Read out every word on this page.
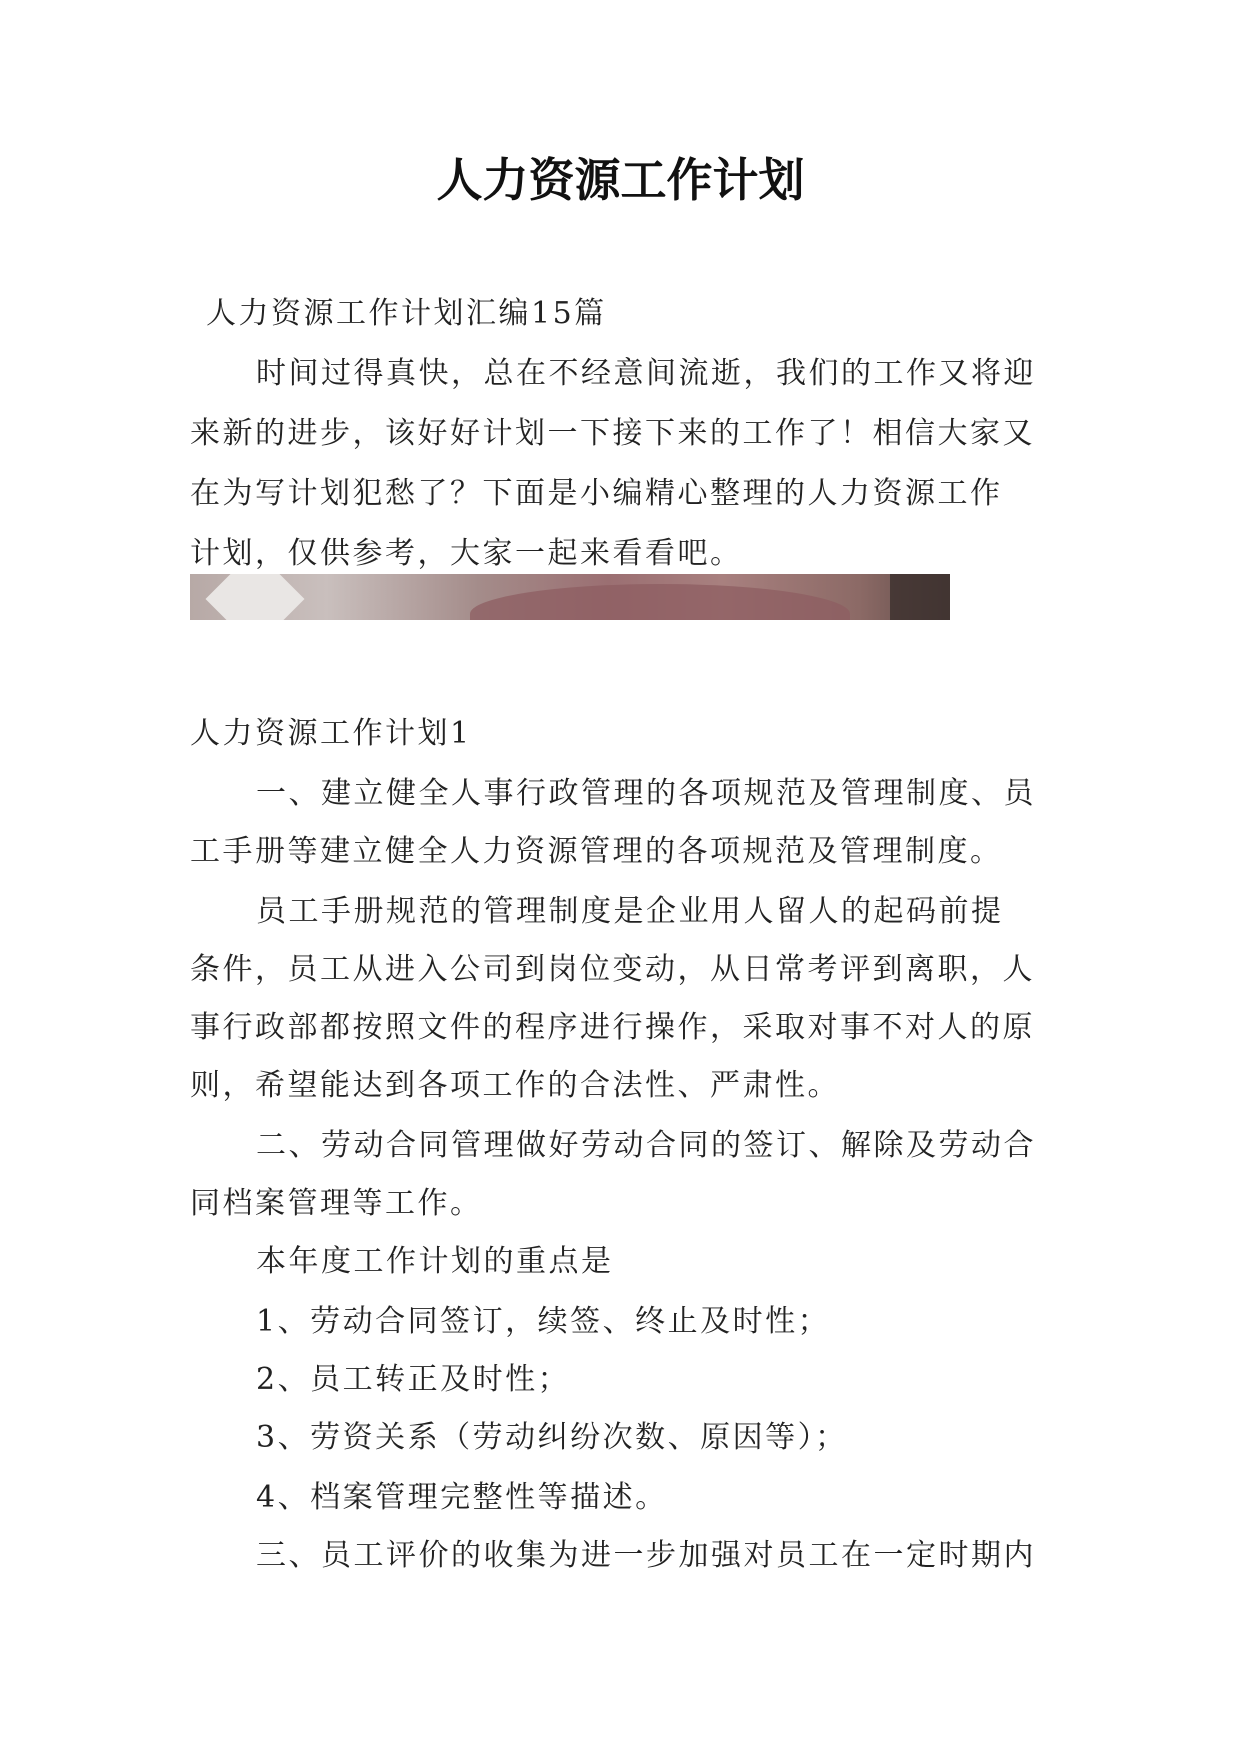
人力资源工作计划

人力资源工作计划汇编15篇

时间过得真快，总在不经意间流逝，我们的工作又将迎

来新的进步，该好好计划一下接下来的工作了！相信大家又

在为写计划犯愁了？下面是小编精心整理的人力资源工作

计划，仅供参考，大家一起来看看吧。

人力资源工作计划1

一、建立健全人事行政管理的各项规范及管理制度、员

工手册等建立健全人力资源管理的各项规范及管理制度。

员工手册规范的管理制度是企业用人留人的起码前提

条件，员工从进入公司到岗位变动，从日常考评到离职，人

事行政部都按照文件的程序进行操作，采取对事不对人的原

则，希望能达到各项工作的合法性、严肃性。

二、劳动合同管理做好劳动合同的签订、解除及劳动合

同档案管理等工作。

本年度工作计划的重点是

1、劳动合同签订，续签、终止及时性；

2、员工转正及时性；

3、劳资关系（劳动纠纷次数、原因等）；

4、档案管理完整性等描述。

三、员工评价的收集为进一步加强对员工在一定时期内
